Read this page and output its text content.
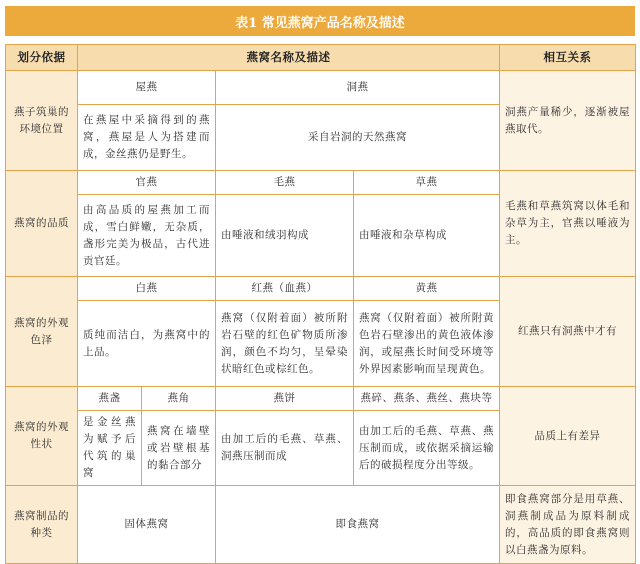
表1 常见燕窝产品名称及描述
划分依据	燕窝名称及描述				相互关系
燕子筑巢的环境位置	屋燕		洞燕		洞燕产量稀少，逐渐被屋燕取代。
	在燕屋中采摘得到的燕窝，燕屋是人为搭建而成，金丝燕仍是野生。		采自岩洞的天然燕窝		
燕窝的品质	官燕		毛燕	草燕	毛燕和草燕筑窝以体毛和杂草为主，官燕以唾液为主。
	由高品质的屋燕加工而成，雪白鲜嫩，无杂质，盏形完美为极品，古代进贡官廷。		由唾液和绒羽构成	由唾液和杂草构成	
燕窝的外观色泽	白燕		红燕（血燕）	黄燕	红燕只有洞燕中才有
	质纯而洁白，为燕窝中的上品。		燕窝（仅附着面）被所附岩石壁的红色矿物质所渗润，颜色不均匀，呈晕染状暗红色或棕红色。	燕窝（仅附着面）被所附黄色岩石壁渗出的黄色液体渗润，或屋燕长时间受环境等外界因素影响而呈现黄色。	
燕窝的外观性状	燕盏	燕角	燕饼	燕碎、燕条、燕丝、燕块等	品质上有差异
	是金丝燕为赋予后代筑的巢窝	燕窝在墙壁或岩壁根基的黏合部分	由加工后的毛燕、草燕、洞燕压制而成	由加工后的毛燕、草燕、燕压制而成，或依据采摘运输后的破损程度分出等级。	
燕窝制品的种类	固体燕窝		即食燕窝		即食燕窝部分是用草燕、洞燕制成品为原料制成的，高品质的即食燕窝则以白燕盏为原料。
